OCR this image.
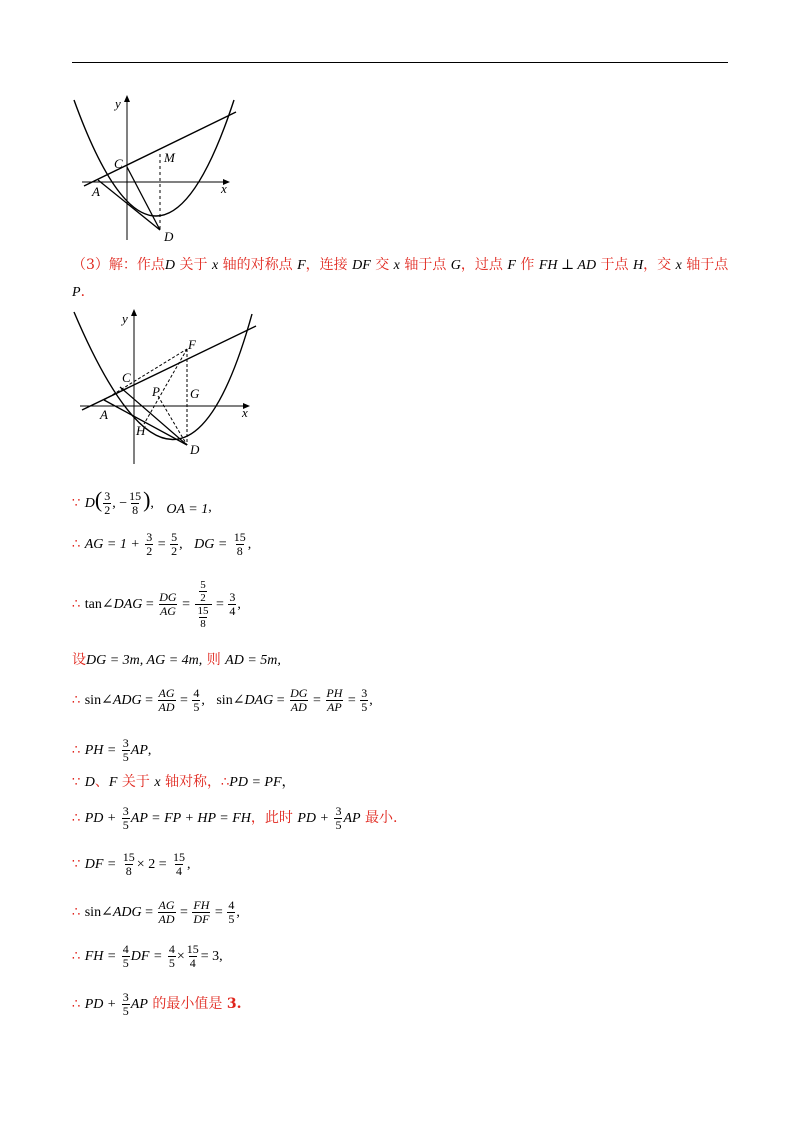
y
x
C	M
A
D
（3）解：作点D 关于 x 轴的对称点 F，连接 DF 交 x 轴于点 G，过点 F 作 FH ⊥ AD 于点 H，交 x 轴于点
P．
y
x
F
C
P G
A
H
D
∵ $D( \frac{3}{2}$ , − $\frac{15}{8}$ ), OA = 1,
∴ AG = $1 + \frac{3}{2} = \frac{5}{2}$ ,   DG = $\frac{15}{8}$ ,
∴ tan∠DAG = $\frac{DG}{AG} = \frac{\frac{5}{2}}{\frac{15}{8}} = \frac{3}{4}$ ,
设DG = 3m, AG = 4m, 则 AD = 5m,
∴ sin∠ADG = $\frac{AG}{AD} = \frac{4}{5}$ ,   sin∠DAG = $\frac{DG}{AD} = \frac{PH}{AP} = \frac{3}{5}$ ,
∴ PH = $\frac{3}{5}$ AP,
∵ D、F 关于 x 轴对称，∴PD = PF，
∴ PD + $\frac{3}{5}$ AP = FP + HP = FH，此时 PD + $\frac{3}{5}$ AP 最小.
∵ DF = $\frac{15}{8} \times 2 = \frac{15}{4}$ ,
∴ sin∠ADG = $\frac{AG}{AD} = \frac{FH}{DF} = \frac{4}{5}$ ,
∴ FH = $\frac{4}{5}$ DF = $\frac{4}{5} \times \frac{15}{4} = 3$,
∴ PD + $\frac{3}{5}$ AP 的最小值是 3.
